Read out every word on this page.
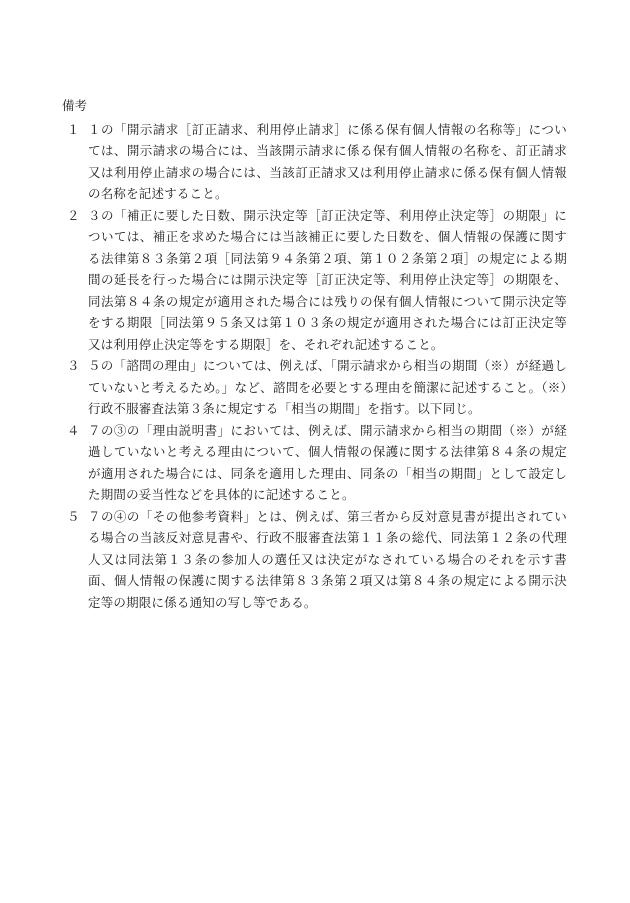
備考
１ １の「開示請求［訂正請求、利用停止請求］に係る保有個人情報の名称等」については、開示請求の場合には、当該開示請求に係る保有個人情報の名称を、訂正請求又は利用停止請求の場合には、当該訂正請求又は利用停止請求に係る保有個人情報の名称を記述すること。
２ ３の「補正に要した日数、開示決定等［訂正決定等、利用停止決定等］の期限」については、補正を求めた場合には当該補正に要した日数を、個人情報の保護に関する法律第８３条第２項［同法第９４条第２項、第１０２条第２項］の規定による期間の延長を行った場合には開示決定等［訂正決定等、利用停止決定等］の期限を、同法第８４条の規定が適用された場合には残りの保有個人情報について開示決定等をする期限［同法第９５条又は第１０３条の規定が適用された場合には訂正決定等又は利用停止決定等をする期限］を、それぞれ記述すること。
３ ５の「諮問の理由」については、例えば、「開示請求から相当の期間（※）が経過していないと考えるため。」など、諮問を必要とする理由を簡潔に記述すること。（※）行政不服審査法第３条に規定する「相当の期間」を指す。以下同じ。
４ ７の③の「理由説明書」においては、例えば、開示請求から相当の期間（※）が経過していないと考える理由について、個人情報の保護に関する法律第８４条の規定が適用された場合には、同条を適用した理由、同条の「相当の期間」として設定した期間の妥当性などを具体的に記述すること。
５ ７の④の「その他参考資料」とは、例えば、第三者から反対意見書が提出されている場合の当該反対意見書や、行政不服審査法第１１条の総代、同法第１２条の代理人又は同法第１３条の参加人の選任又は決定がなされている場合のそれを示す書面、個人情報の保護に関する法律第８３条第２項又は第８４条の規定による開示決定等の期限に係る通知の写し等である。
